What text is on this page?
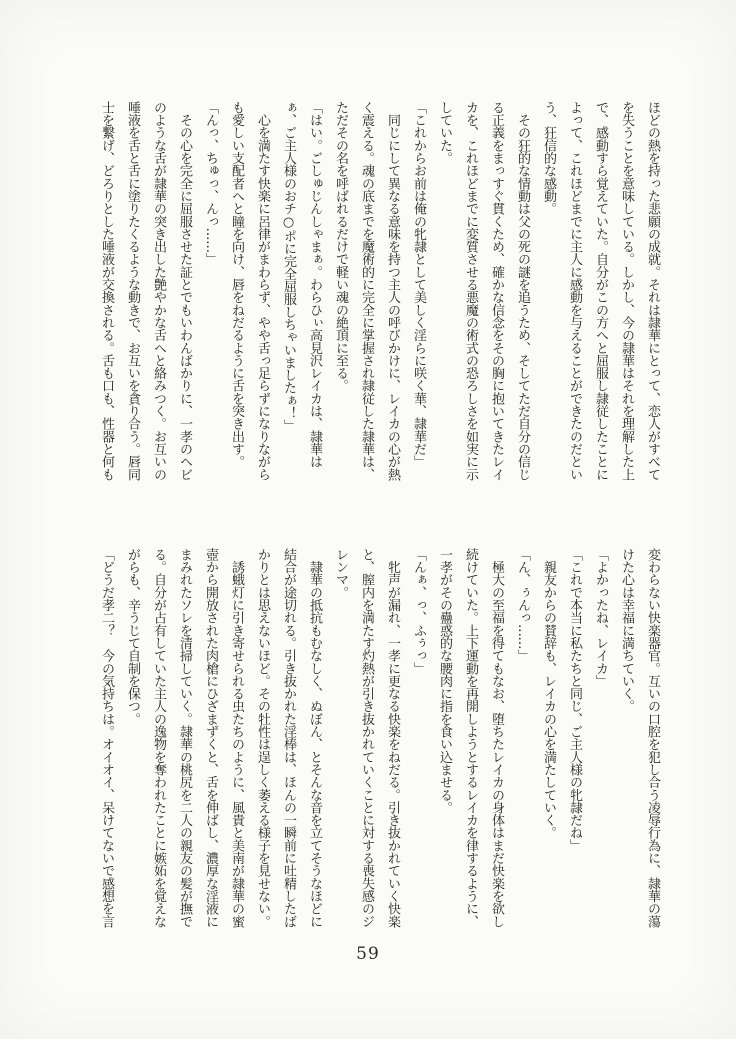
ほどの熱を持った悲願の成就。それは隷華にとって、恋人がすべて
を失うことを意味している。しかし、今の隷華はそれを理解した上
で、感動すら覚えていた。自分がこの方へと屈服し隷従したことに
よって、これほどまでに主人に感動を与えることができたのだとい
う、狂信的な感動。
　その狂的な情動は父の死の謎を追うため、そしてただ自分の信じ
る正義をまっすぐ貫くため、確かな信念をその胸に抱いてきたレイ
カを、これほどまでに変質させる悪魔の術式の恐ろしさを如実に示
していた。
「これからお前は俺の牝隷として美しく淫らに咲く華、隷華だ」
　同じにして異なる意味を持つ主人の呼びかけに、レイカの心が熱
く震える。魂の底までを魔術的に完全に掌握され隷従した隷華は、
ただその名を呼ばれるだけで軽い魂の絶頂に至る。
「はい。ごしゅじんしゃまぁ。わらひぃ高見沢レイカは、隷華は
ぁ、ご主人様のおチ○ポに完全屈服しちゃいましたぁ！」
　心を満たす快楽に呂律がまわらず、やや舌っ足らずになりながら
も愛しい支配者へと瞳を向け、唇をねだるように舌を突き出す。
「んっ、ちゅっ、んっ……」
　その心を完全に屈服させた証とでもいわんばかりに、一孝のヘビ
のような舌が隷華の突き出した艶やかな舌へと絡みつく。お互いの
唾液を舌と舌に塗りたくるような動きで、お互いを貪り合う。唇同
士を繋げ、どろりとした唾液が交換される。舌も口も、性器と何も
変わらない快楽器官。互いの口腔を犯し合う凌辱行為に、隷華の蕩
けた心は幸福に満ちていく。
「よかったね、レイカ」
「これで本当に私たちと同じ、ご主人様の牝隷だね」
　親友からの賛辞も、レイカの心を満たしていく。
「ん、ぅんっ……」
　極大の至福を得てもなお、堕ちたレイカの身体はまだ快楽を欲し
続けていた。上下運動を再開しようとするレイカを律するように、
一孝がその蠱惑的な腰肉に指を食い込ませる。
「んぁ、っ、ふぅっ」
　牝声が漏れ、一孝に更なる快楽をねだる。引き抜かれていく快楽
と、膣内を満たす灼熱が引き抜かれていくことに対する喪失感のジ
レンマ。
　隷華の抵抗もむなしく、ぬぼん、とそんな音を立てそうなほどに
結合が途切れる。引き抜かれた淫棒は、ほんの一瞬前に吐精したば
かりとは思えないほど。その牡性は逞しく萎える様子を見せない。
　誘蛾灯に引き寄せられる虫たちのように、風貴と美南が隷華の蜜
壺から開放された肉槍にひざまずくと、舌を伸ばし、濃厚な淫液に
まみれたソレを清掃していく。隷華の桃尻を二人の親友の髪が撫で
る。自分が占有していた主人の逸物を奪われたことに嫉妬を覚えな
がらも、辛うじて自制を保つ。
「どうだ孝二？　今の気持ちは。オイオイ、呆けてないで感想を言
59
